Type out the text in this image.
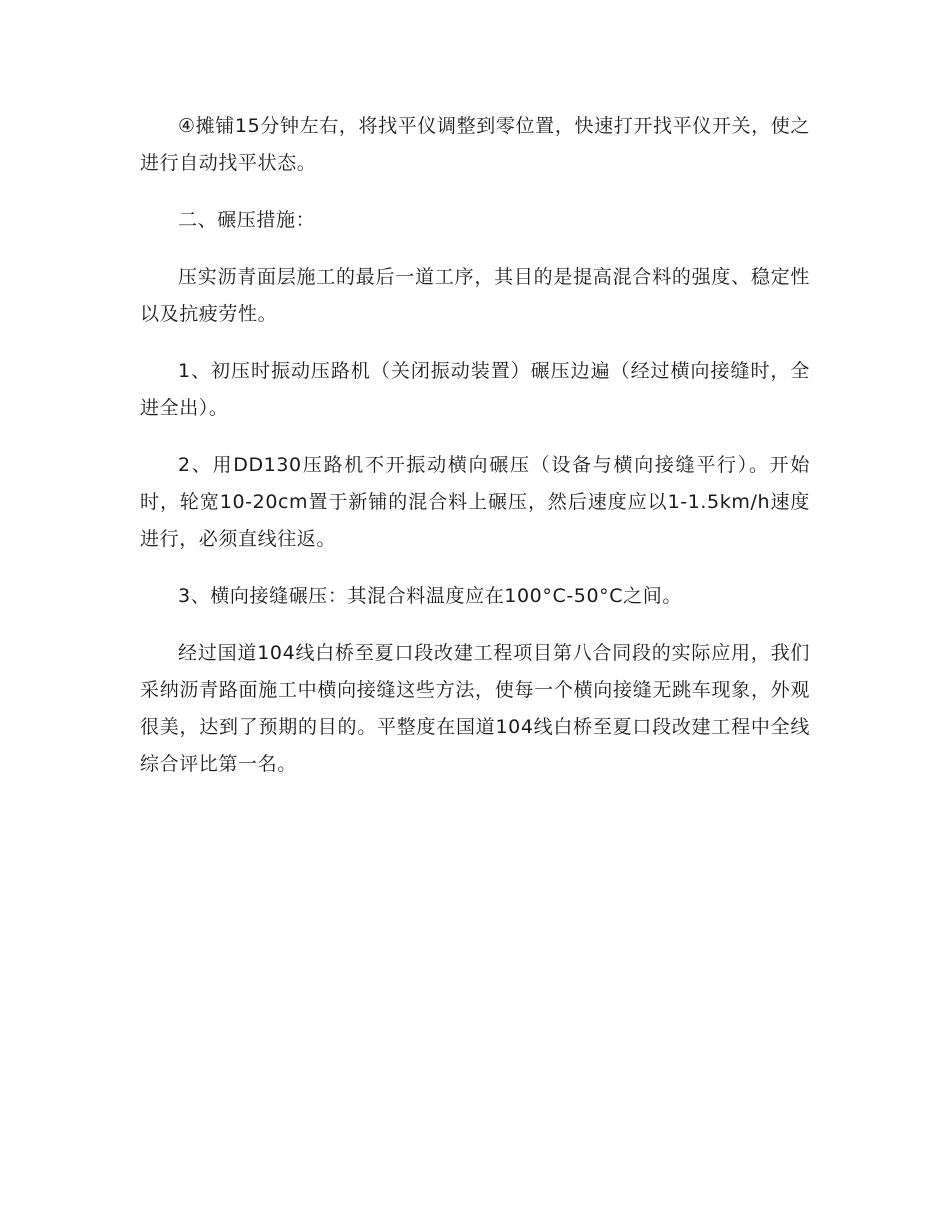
④摊铺15分钟左右，将找平仪调整到零位置，快速打开找平仪开关，使之进行自动找平状态。

二、碾压措施：

压实沥青面层施工的最后一道工序，其目的是提高混合料的强度、稳定性以及抗疲劳性。

1、初压时振动压路机（关闭振动装置）碾压边遍（经过横向接缝时，全进全出）。

2、用DD130压路机不开振动横向碾压（设备与横向接缝平行）。开始时，轮宽10-20cm置于新铺的混合料上碾压，然后速度应以1-1.5km/h速度进行，必须直线往返。

3、横向接缝碾压：其混合料温度应在100°C-50°C之间。

经过国道104线白桥至夏口段改建工程项目第八合同段的实际应用，我们采纳沥青路面施工中横向接缝这些方法，使每一个横向接缝无跳车现象，外观很美，达到了预期的目的。平整度在国道104线白桥至夏口段改建工程中全线综合评比第一名。
